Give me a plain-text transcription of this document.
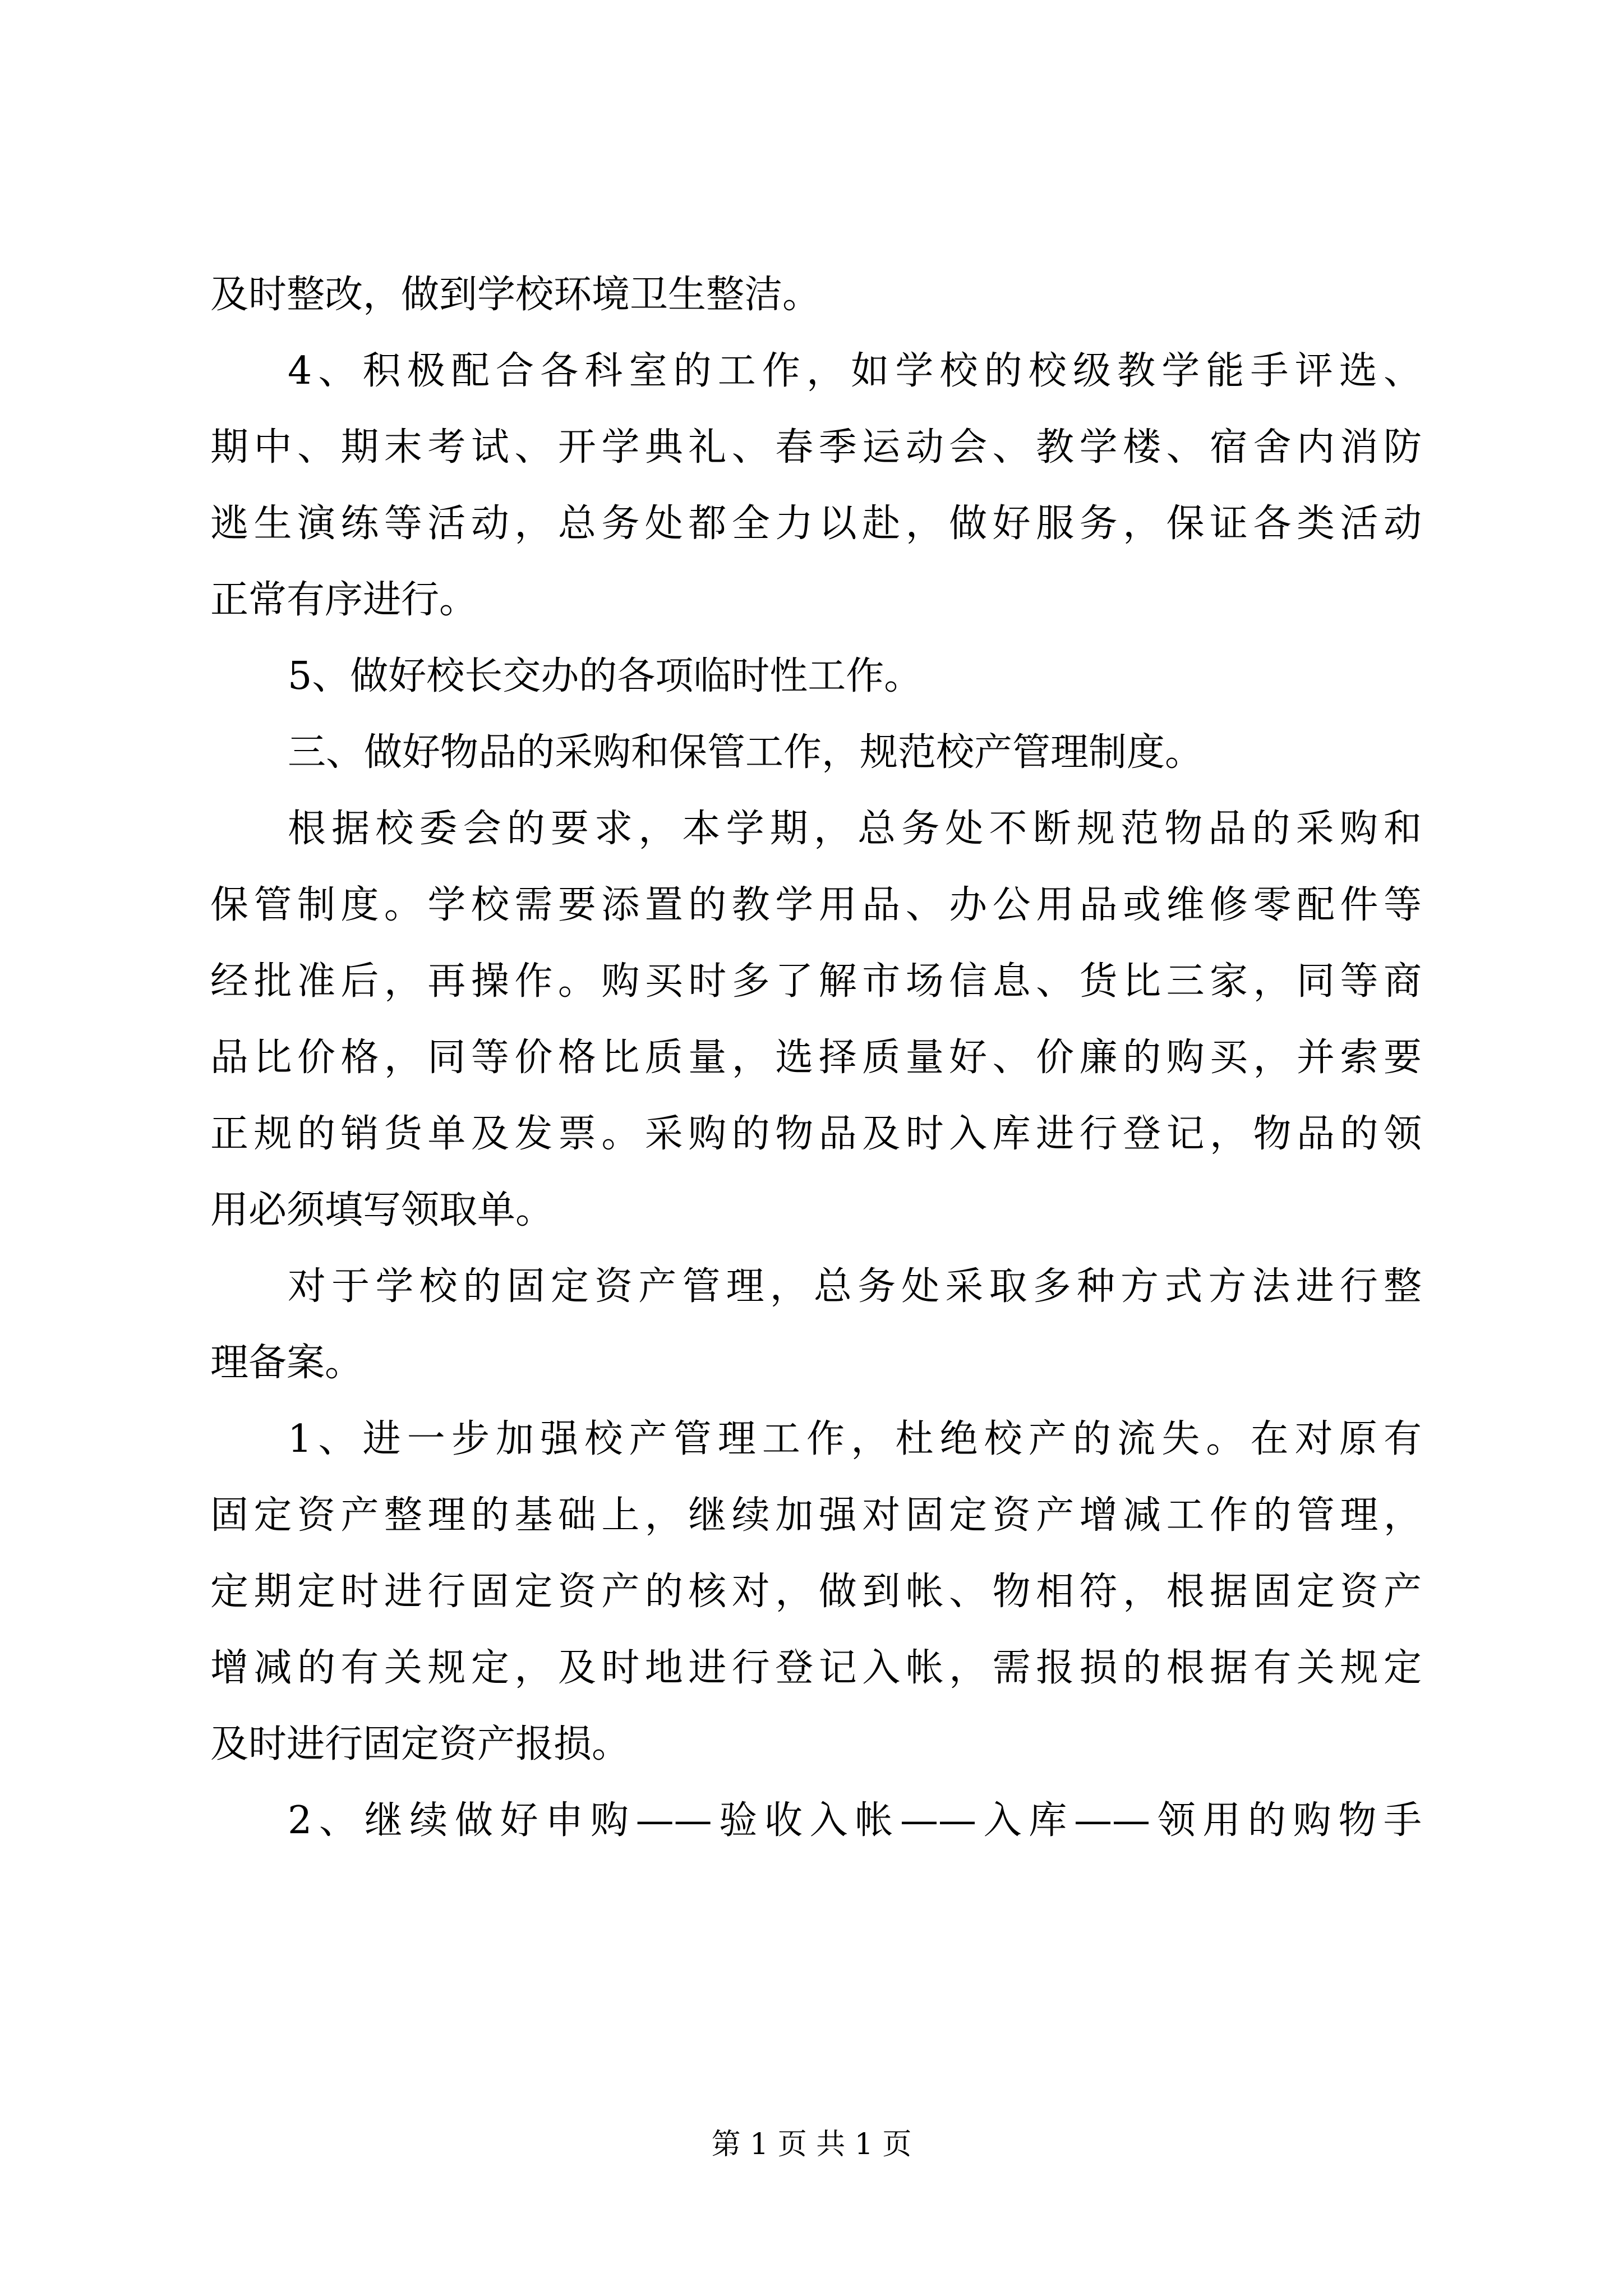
及时整改，做到学校环境卫生整洁。
4、积极配合各科室的工作，如学校的校级教学能手评选、
期中、期末考试、开学典礼、春季运动会、教学楼、宿舍内消防
逃生演练等活动，总务处都全力以赴，做好服务，保证各类活动
正常有序进行。
5、做好校长交办的各项临时性工作。
三、做好物品的采购和保管工作，规范校产管理制度。
根据校委会的要求，本学期，总务处不断规范物品的采购和
保管制度。学校需要添置的教学用品、办公用品或维修零配件等
经批准后，再操作。购买时多了解市场信息、货比三家，同等商
品比价格，同等价格比质量，选择质量好、价廉的购买，并索要
正规的销货单及发票。采购的物品及时入库进行登记，物品的领
用必须填写领取单。
对于学校的固定资产管理，总务处采取多种方式方法进行整
理备案。
1、进一步加强校产管理工作，杜绝校产的流失。在对原有
固定资产整理的基础上，继续加强对固定资产增减工作的管理，
定期定时进行固定资产的核对，做到帐、物相符，根据固定资产
增减的有关规定，及时地进行登记入帐，需报损的根据有关规定
及时进行固定资产报损。
2、继续做好申购——验收入帐——入库——领用的购物手
第 1 页 共 1 页
